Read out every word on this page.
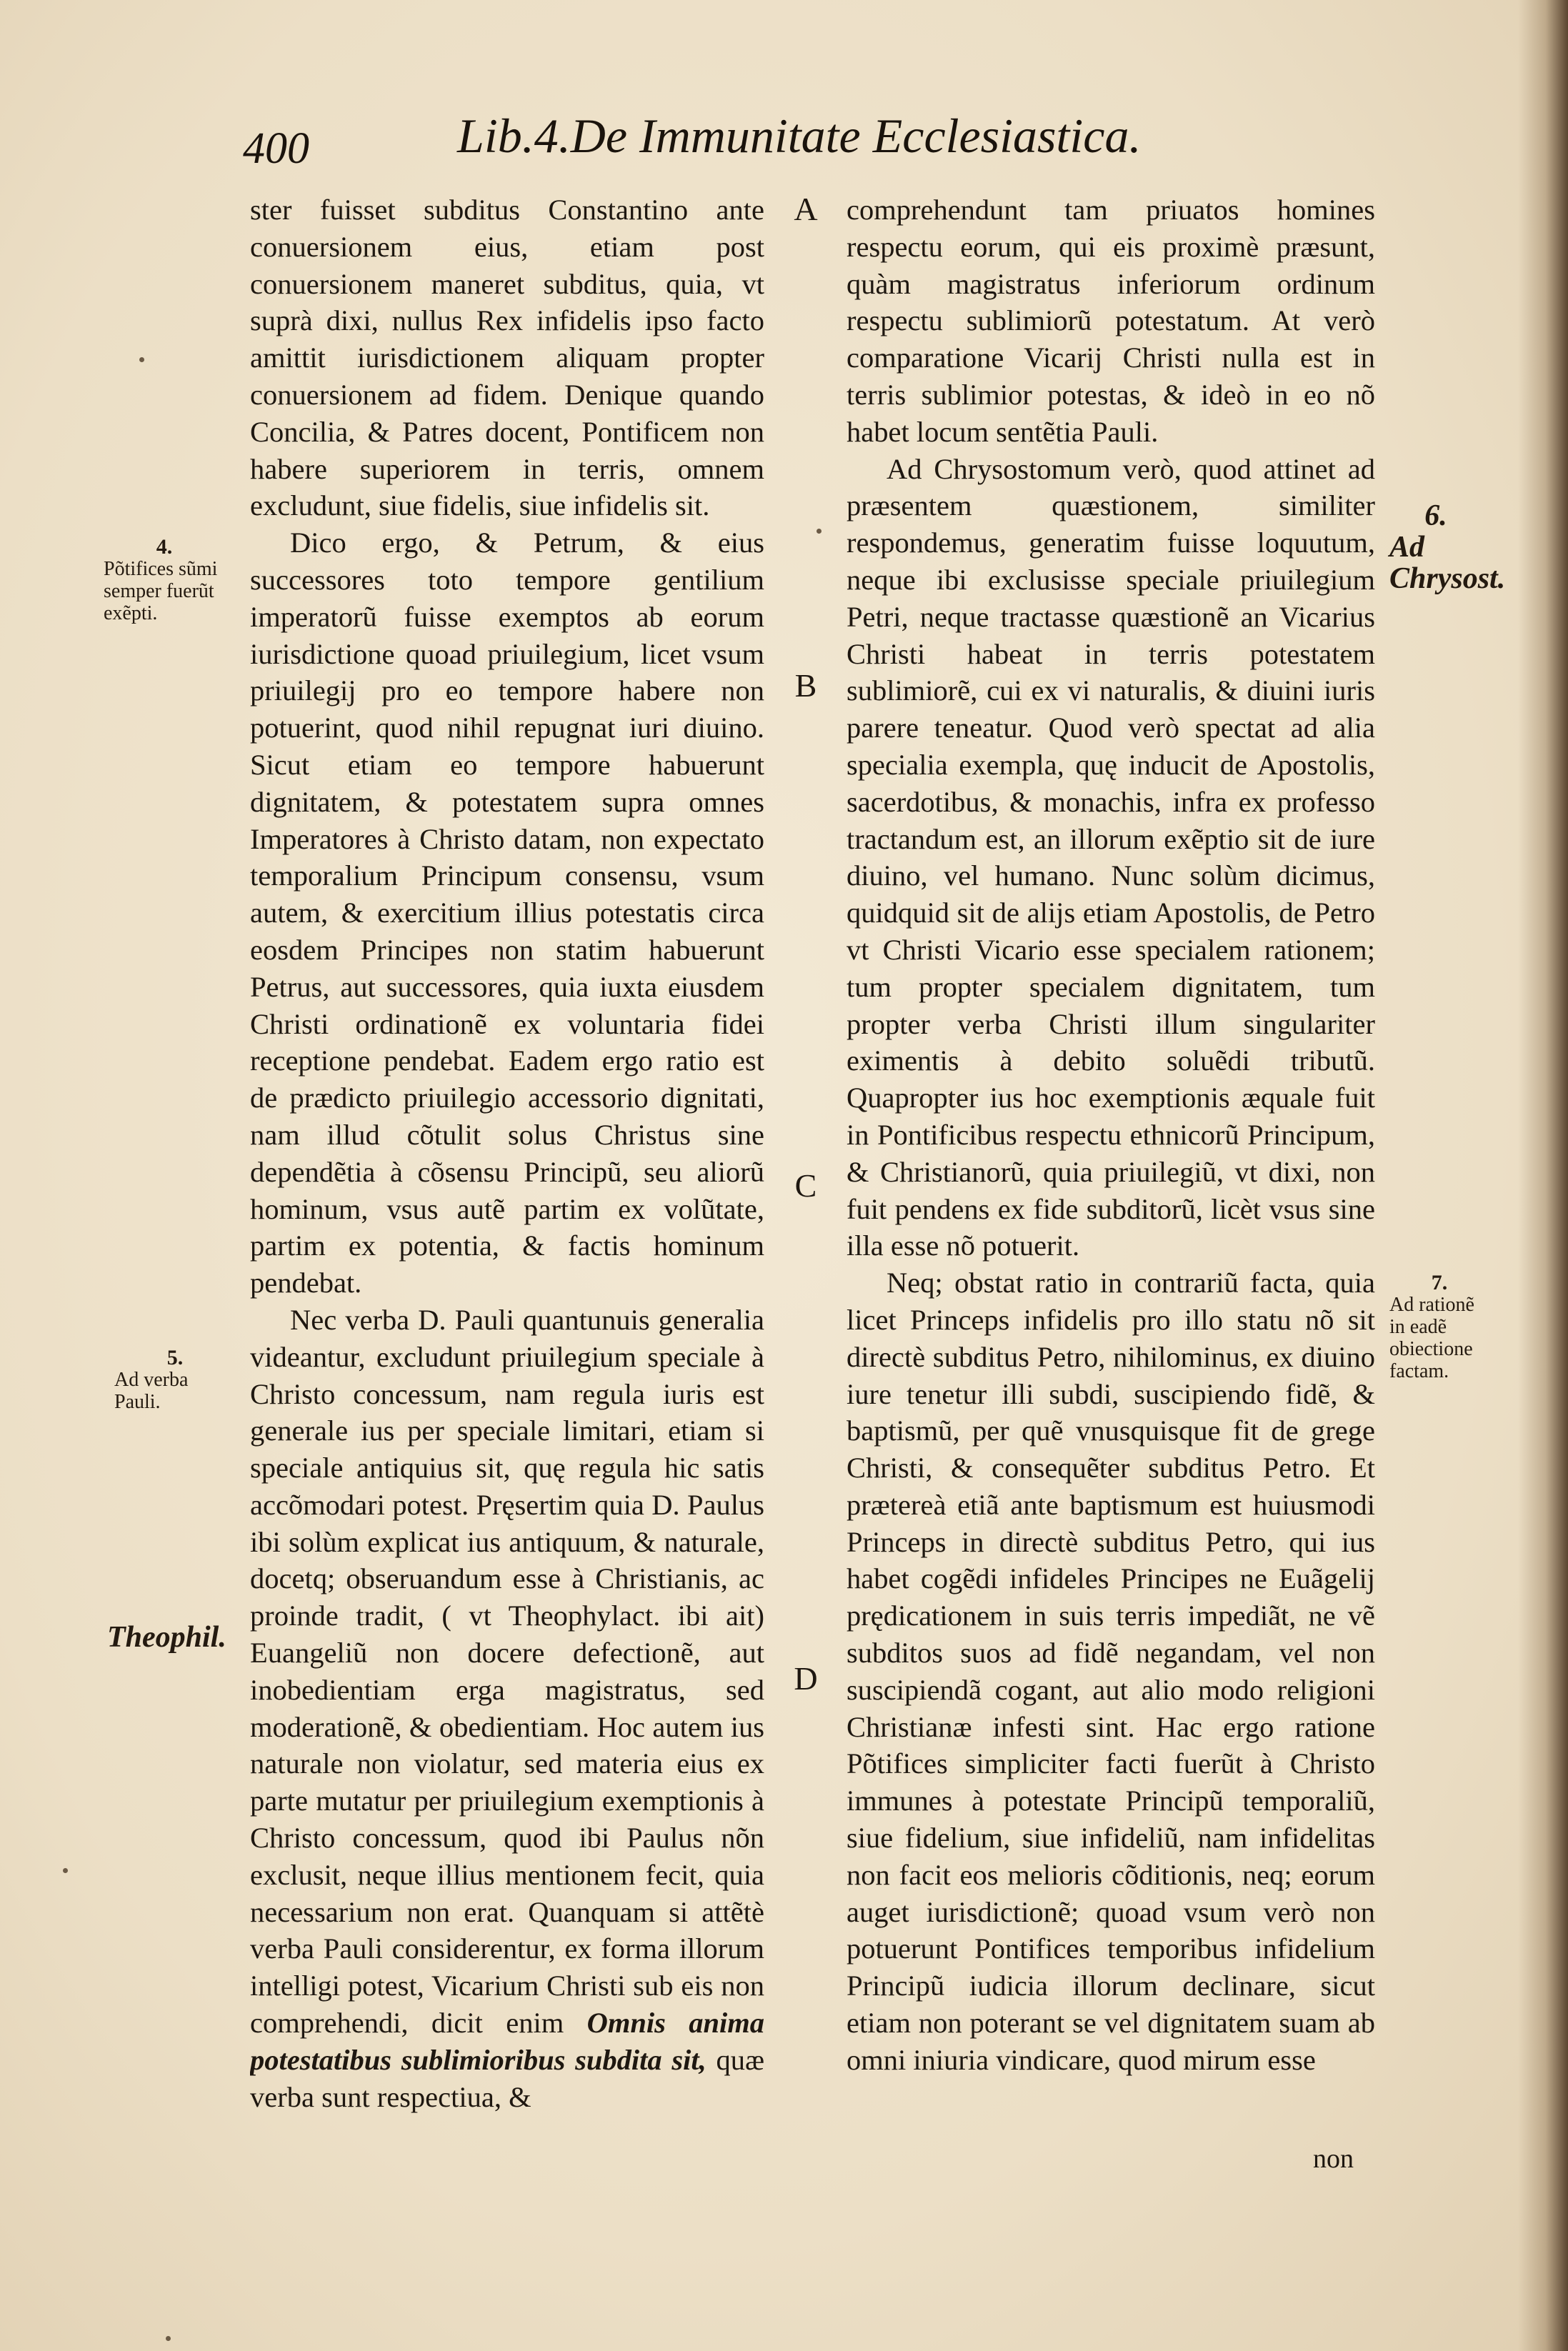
400	Lib.4.De Immunitate Ecclesiastica.

ster fuisset subditus Constantino ante conuersionem eius, etiam post conuersionem maneret subditus, quia, vt suprà dixi, nullus Rex infidelis ipso facto amittit iurisdictionem aliquam propter conuersionem ad fidem. Denique quando Concilia, & Patres docent, Pontificem non habere superiorem in terris, omnem excludunt, siue fidelis, siue infidelis sit.

Dico ergo, & Petrum, & eius successores toto tempore gentilium imperatorũ fuisse exemptos ab eorum iurisdictione quoad priuilegium, licet vsum priuilegij pro eo tempore habere non potuerint, quod nihil repugnat iuri diuino. Sicut etiam eo tempore habuerunt dignitatem, & potestatem supra omnes Imperatores à Christo datam, non expectato temporalium Principum consensu, vsum autem, & exercitium illius potestatis circa eosdem Principes non statim habuerunt Petrus, aut successores, quia iuxta eiusdem Christi ordinationẽ ex voluntaria fidei receptione pendebat. Eadem ergo ratio est de prædicto priuilegio accessorio dignitati, nam illud cõtulit solus Christus sine dependẽtia à cõsensu Principũ, seu aliorũ hominum, vsus autẽ partim ex volũtate, partim ex potentia, & factis hominum pendebat.

Nec verba D. Pauli quantunuis generalia videantur, excludunt priuilegium speciale à Christo concessum, nam regula iuris est generale ius per speciale limitari, etiam si speciale antiquius sit, quę regula hic satis accõmodari potest. Pręsertim quia D. Paulus ibi solùm explicat ius antiquum, & naturale, docetq; obseruandum esse à Christianis, ac proinde tradit, ( vt Theophylact. ibi ait) Euangeliũ non docere defectionẽ, aut inobedientiam erga magistratus, sed moderationẽ, & obedientiam. Hoc autem ius naturale non violatur, sed materia eius ex parte mutatur per priuilegium exemptionis à Christo concessum, quod ibi Paulus nõn exclusit, neque illius mentionem fecit, quia necessarium non erat. Quanquam si attẽtè verba Pauli considerentur, ex forma illorum intelligi potest, Vicarium Christi sub eis non comprehendi, dicit enim Omnis anima potestatibus sublimioribus subdita sit, quæ verba sunt respectiua, &

comprehendunt tam priuatos homines respectu eorum, qui eis proximè præsunt, quàm magistratus inferiorum ordinum respectu sublimiorũ potestatum. At verò comparatione Vicarij Christi nulla est in terris sublimior potestas, & ideò in eo nõ habet locum sentẽtia Pauli.

Ad Chrysostomum verò, quod attinet ad præsentem quæstionem, similiter respondemus, generatim fuisse loquutum, neque ibi exclusisse speciale priuilegium Petri, neque tractasse quæstionẽ an Vicarius Christi habeat in terris potestatem sublimiorẽ, cui ex vi naturalis, & diuini iuris parere teneatur. Quod verò spectat ad alia specialia exempla, quę inducit de Apostolis, sacerdotibus, & monachis, infra ex professo tractandum est, an illorum exẽptio sit de iure diuino, vel humano. Nunc solùm dicimus, quidquid sit de alijs etiam Apostolis, de Petro vt Christi Vicario esse specialem rationem; tum propter specialem dignitatem, tum propter verba Christi illum singulariter eximentis à debito soluẽdi tributũ. Quapropter ius hoc exemptionis æquale fuit in Pontificibus respectu ethnicorũ Principum, & Christianorũ, quia priuilegiũ, vt dixi, non fuit pendens ex fide subditorũ, licèt vsus sine illa esse nõ potuerit.

Neq; obstat ratio in contrariũ facta, quia licet Princeps infidelis pro illo statu nõ sit directè subditus Petro, nihilominus, ex diuino iure tenetur illi subdi, suscipiendo fidẽ, & baptismũ, per quẽ vnusquisque fit de grege Christi, & consequẽter subditus Petro. Et prætereà etiã ante baptismum est huiusmodi Princeps in directè subditus Petro, qui ius habet cogẽdi infideles Principes ne Euãgelij prędicationem in suis terris impediãt, ne vẽ subditos suos ad fidẽ negandam, vel non suscipiendã cogant, aut alio modo religioni Christianæ infesti sint. Hac ergo ratione Põtifices simpliciter facti fuerũt à Christo immunes à potestate Principũ temporaliũ, siue fidelium, siue infideliũ, nam infidelitas non facit eos melioris cõditionis, neq; eorum auget iurisdictionẽ; quoad vsum verò non potuerunt Pontifices temporibus infidelium Principũ iudicia illorum declinare, sicut etiam non poterant se vel dignitatem suam ab omni iniuria vindicare, quod mirum esse

non
A
B
C
D
4.
Põtifices sũmi semper fuerũt exẽpti.
5.
Ad verba Pauli.
Theophil.
6.
Ad Chrysost.
7.
Ad rationẽ in eadẽ obiectione factam.
